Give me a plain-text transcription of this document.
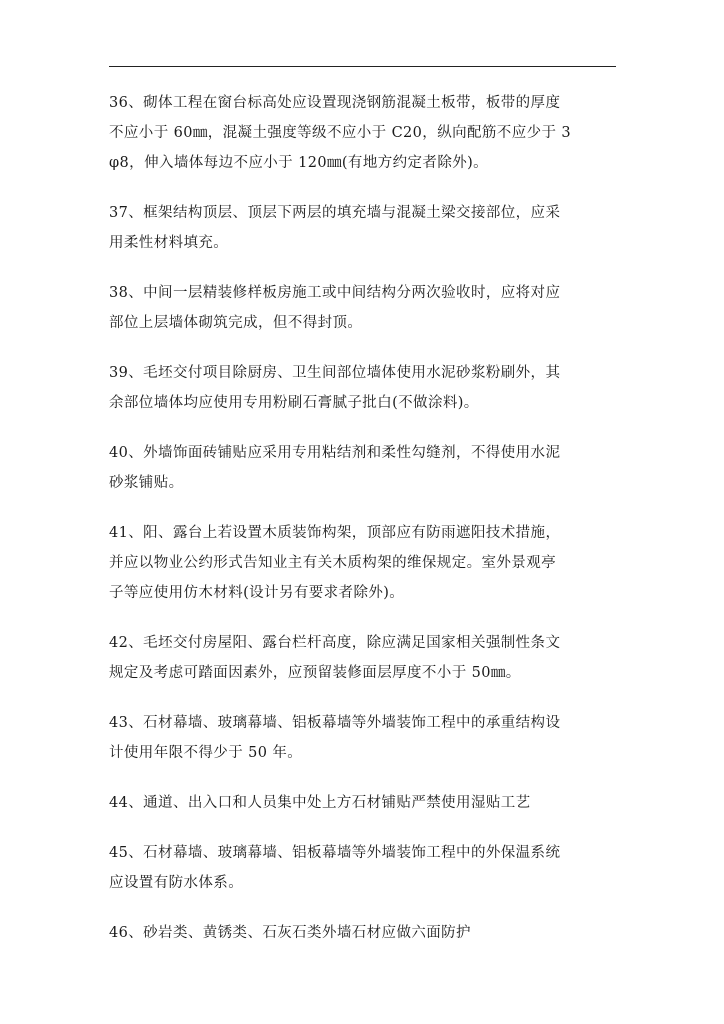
36、砌体工程在窗台标高处应设置现浇钢筋混凝土板带，板带的厚度
不应小于 60㎜，混凝土强度等级不应小于 C20，纵向配筋不应少于 3
φ8，伸入墙体每边不应小于 120㎜(有地方约定者除外)。

37、框架结构顶层、顶层下两层的填充墙与混凝土梁交接部位，应采
用柔性材料填充。

38、中间一层精装修样板房施工或中间结构分两次验收时，应将对应
部位上层墙体砌筑完成，但不得封顶。

39、毛坯交付项目除厨房、卫生间部位墙体使用水泥砂浆粉刷外，其
余部位墙体均应使用专用粉刷石膏腻子批白(不做涂料)。

40、外墙饰面砖铺贴应采用专用粘结剂和柔性勾缝剂，不得使用水泥
砂浆铺贴。

41、阳、露台上若设置木质装饰构架，顶部应有防雨遮阳技术措施，
并应以物业公约形式告知业主有关木质构架的维保规定。室外景观亭
子等应使用仿木材料(设计另有要求者除外)。

42、毛坯交付房屋阳、露台栏杆高度，除应满足国家相关强制性条文
规定及考虑可踏面因素外，应预留装修面层厚度不小于 50㎜。

43、石材幕墙、玻璃幕墙、铝板幕墙等外墙装饰工程中的承重结构设
计使用年限不得少于 50 年。

44、通道、出入口和人员集中处上方石材铺贴严禁使用湿贴工艺

45、石材幕墙、玻璃幕墙、铝板幕墙等外墙装饰工程中的外保温系统
应设置有防水体系。

46、砂岩类、黄锈类、石灰石类外墙石材应做六面防护
